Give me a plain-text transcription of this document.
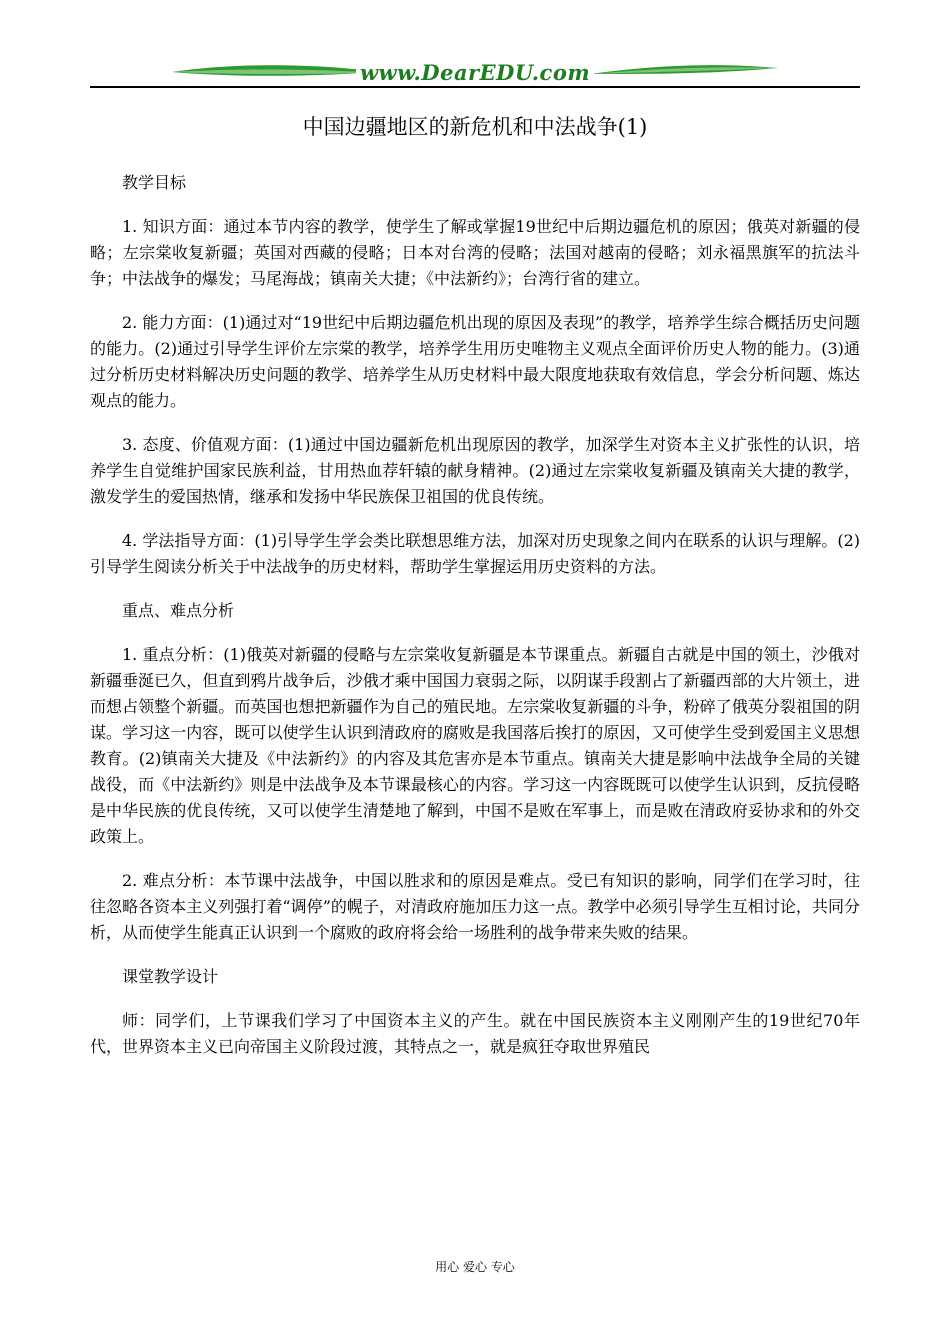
www.DearEDU.com
中国边疆地区的新危机和中法战争(1)

教学目标

1. 知识方面：通过本节内容的教学，使学生了解或掌握19世纪中后期边疆危机的原因；俄英对新疆的侵略；左宗棠收复新疆；英国对西藏的侵略；日本对台湾的侵略；法国对越南的侵略；刘永福黑旗军的抗法斗争；中法战争的爆发；马尾海战；镇南关大捷；《中法新约》；台湾行省的建立。

2. 能力方面：(1)通过对“19世纪中后期边疆危机出现的原因及表现”的教学，培养学生综合概括历史问题的能力。(2)通过引导学生评价左宗棠的教学，培养学生用历史唯物主义观点全面评价历史人物的能力。(3)通过分析历史材料解决历史问题的教学、培养学生从历史材料中最大限度地获取有效信息，学会分析问题、炼达观点的能力。

3. 态度、价值观方面：(1)通过中国边疆新危机出现原因的教学，加深学生对资本主义扩张性的认识，培养学生自觉维护国家民族利益，甘用热血荐轩辕的献身精神。(2)通过左宗棠收复新疆及镇南关大捷的教学，激发学生的爱国热情，继承和发扬中华民族保卫祖国的优良传统。

4. 学法指导方面：(1)引导学生学会类比联想思维方法，加深对历史现象之间内在联系的认识与理解。(2)引导学生阅读分析关于中法战争的历史材料，帮助学生掌握运用历史资料的方法。

重点、难点分析

1. 重点分析：(1)俄英对新疆的侵略与左宗棠收复新疆是本节课重点。新疆自古就是中国的领土，沙俄对新疆垂涎已久，但直到鸦片战争后，沙俄才乘中国国力衰弱之际，以阴谋手段割占了新疆西部的大片领土，进而想占领整个新疆。而英国也想把新疆作为自己的殖民地。左宗棠收复新疆的斗争，粉碎了俄英分裂祖国的阴谋。学习这一内容，既可以使学生认识到清政府的腐败是我国落后挨打的原因，又可使学生受到爱国主义思想教育。(2)镇南关大捷及《中法新约》的内容及其危害亦是本节重点。镇南关大捷是影响中法战争全局的关键战役，而《中法新约》则是中法战争及本节课最核心的内容。学习这一内容既既可以使学生认识到，反抗侵略是中华民族的优良传统，又可以使学生清楚地了解到，中国不是败在军事上，而是败在清政府妥协求和的外交政策上。

2. 难点分析：本节课中法战争，中国以胜求和的原因是难点。受已有知识的影响，同学们在学习时，往往忽略各资本主义列强打着“调停”的幌子，对清政府施加压力这一点。教学中必须引导学生互相讨论，共同分析，从而使学生能真正认识到一个腐败的政府将会给一场胜利的战争带来失败的结果。

课堂教学设计

师：同学们，上节课我们学习了中国资本主义的产生。就在中国民族资本主义刚刚产生的19世纪70年代，世界资本主义已向帝国主义阶段过渡，其特点之一，就是疯狂夺取世界殖民

用心 爱心 专心
